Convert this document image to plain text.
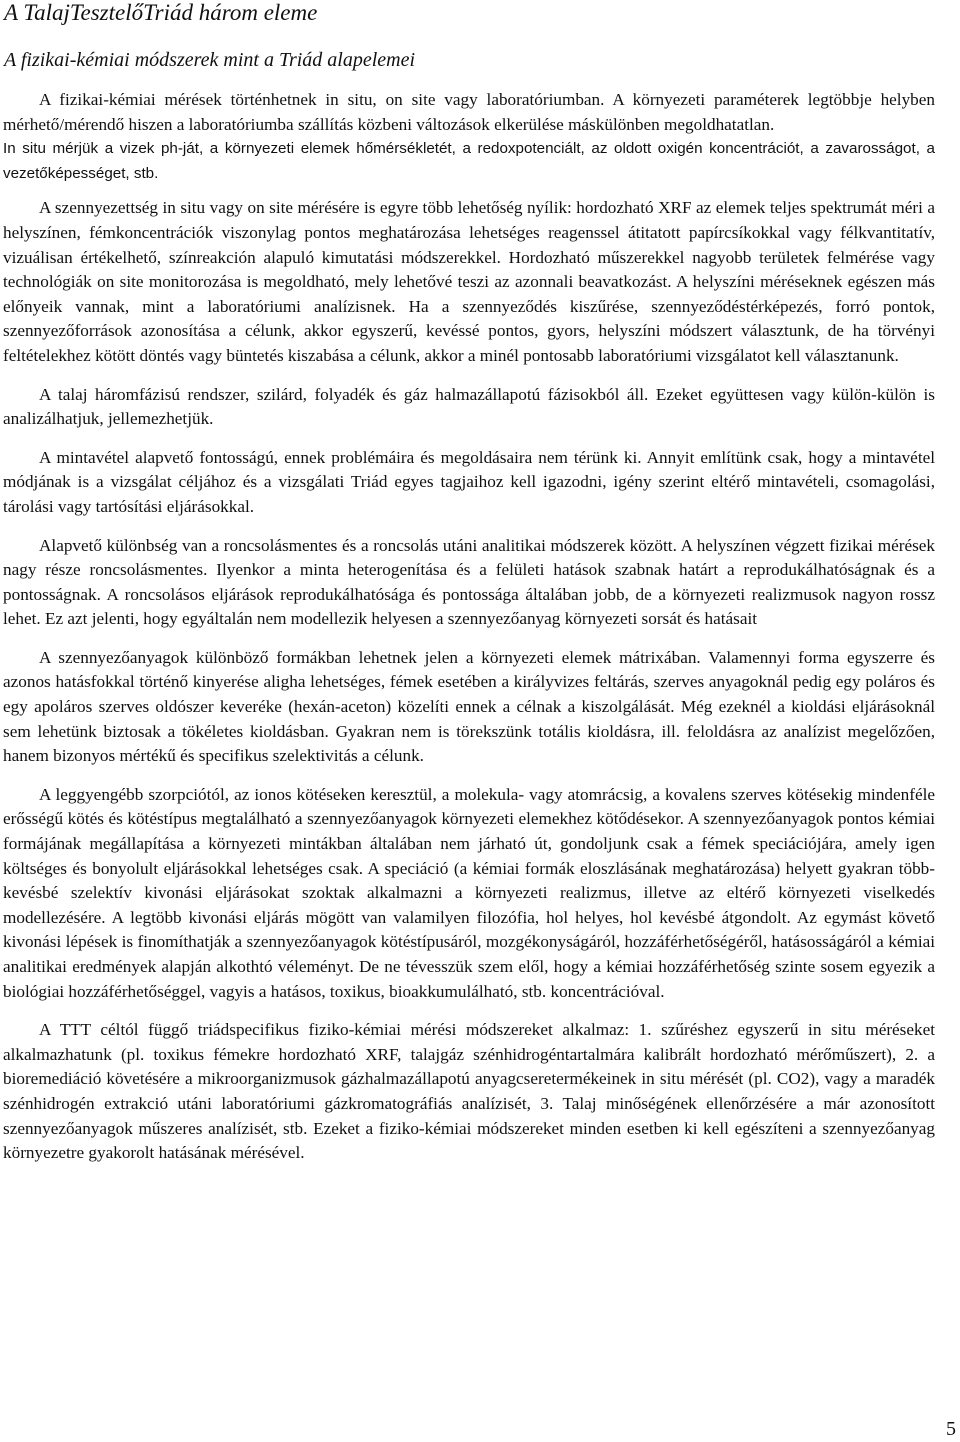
A TalajTesztelőTriád három eleme
A fizikai-kémiai módszerek mint a Triád alapelemei

A fizikai-kémiai mérések történhetnek in situ, on site vagy laboratóriumban. A környezeti paraméterek legtöbbje helyben mérhető/mérendő hiszen a laboratóriumba szállítás közbeni változások elkerülése máskülönben megoldhatatlan.

In situ mérjük a vizek ph-ját, a környezeti elemek hőmérsékletét, a redoxpotenciált, az oldott oxigén koncentrációt, a zavarosságot, a vezetőképességet, stb.

A szennyezettség in situ vagy on site mérésére is egyre több lehetőség nyílik: hordozható XRF az elemek teljes spektrumát méri a helyszínen, fémkoncentrációk viszonylag pontos meghatározása lehetséges reagenssel átitatott papírcsíkokkal vagy félkvantitatív, vizuálisan értékelhető, színreakción alapuló kimutatási módszerekkel. Hordozható műszerekkel nagyobb területek felmérése vagy technológiák on site monitorozása is megoldható, mely lehetővé teszi az azonnali beavatkozást. A helyszíni méréseknek egészen más előnyeik vannak, mint a laboratóriumi analízisnek. Ha a szennyeződés kiszűrése, szennyeződéstérképezés, forró pontok, szennyezőforrások azonosítása a célunk, akkor egyszerű, kevéssé pontos, gyors, helyszíni módszert választunk, de ha törvényi feltételekhez kötött döntés vagy büntetés kiszabása a célunk, akkor a minél pontosabb laboratóriumi vizsgálatot kell választanunk.

A talaj háromfázisú rendszer, szilárd, folyadék és gáz halmazállapotú fázisokból áll. Ezeket együttesen vagy külön-külön is analizálhatjuk, jellemezhetjük.

A mintavétel alapvető fontosságú, ennek problémáira és megoldásaira nem térünk ki. Annyit említünk csak, hogy a mintavétel módjának is a vizsgálat céljához és a vizsgálati Triád egyes tagjaihoz kell igazodni, igény szerint eltérő mintavételi, csomagolási, tárolási vagy tartósítási eljárásokkal.

Alapvető különbség van a roncsolásmentes és a roncsolás utáni analitikai módszerek között. A helyszínen végzett fizikai mérések nagy része roncsolásmentes. Ilyenkor a minta heterogenítása és a felületi hatások szabnak határt a reprodukálhatóságnak és a pontosságnak. A roncsolásos eljárások reprodukálhatósága és pontossága általában jobb, de a környezeti realizmusok nagyon rossz lehet. Ez azt jelenti, hogy egyáltalán nem modellezik helyesen a szennyezőanyag környezeti sorsát és hatásait

A szennyezőanyagok különböző formákban lehetnek jelen a környezeti elemek mátrixában. Valamennyi forma egyszerre és azonos hatásfokkal történő kinyerése aligha lehetséges, fémek esetében a királyvizes feltárás, szerves anyagoknál pedig egy poláros és egy apoláros szerves oldószer keveréke (hexán-aceton) közelíti ennek a célnak a kiszolgálását. Még ezeknél a kioldási eljárásoknál sem lehetünk biztosak a tökéletes kioldásban. Gyakran nem is törekszünk totális kioldásra, ill. feloldásra az analízist megelőzően, hanem bizonyos mértékű és specifikus szelektivitás a célunk.

A leggyengébb szorpciótól, az ionos kötéseken keresztül, a molekula- vagy atomrácsig, a kovalens szerves kötésekig mindenféle erősségű kötés és kötéstípus megtalálható a szennyezőanyagok környezeti elemekhez kötődésekor. A szennyezőanyagok pontos kémiai formájának megállapítása a környezeti mintákban általában nem járható út, gondoljunk csak a fémek speciációjára, amely igen költséges és bonyolult eljárásokkal lehetséges csak. A speciáció (a kémiai formák eloszlásának meghatározása) helyett gyakran több-kevésbé szelektív kivonási eljárásokat szoktak alkalmazni a környezeti realizmus, illetve az eltérő környezeti viselkedés modellezésére. A legtöbb kivonási eljárás mögött van valamilyen filozófia, hol helyes, hol kevésbé átgondolt. Az egymást követő kivonási lépések is finomíthatják a szennyezőanyagok kötéstípusáról, mozgékonyságáról, hozzáférhetőségéről, hatásosságáról a kémiai analitikai eredmények alapján alkothtó véleményt. De ne tévesszük szem elől, hogy a kémiai hozzáférhetőség szinte sosem egyezik a biológiai hozzáférhetőséggel, vagyis a hatásos, toxikus, bioakkumulálható, stb. koncentrációval.

A TTT céltól függő triádspecifikus fiziko-kémiai mérési módszereket alkalmaz: 1. szűréshez egyszerű in situ méréseket alkalmazhatunk (pl. toxikus fémekre hordozható XRF, talajgáz szénhidrogéntartalmára kalibrált hordozható mérőműszert), 2. a bioremediáció követésére a mikroorganizmusok gázhalmazállapotú anyagcseretermékeinek in situ mérését (pl. CO2), vagy a maradék szénhidrogén extrakció utáni laboratóriumi gázkromatográfiás analízisét, 3. Talaj minőségének ellenőrzésére a már azonosított szennyezőanyagok műszeres analízisét, stb. Ezeket a fiziko-kémiai módszereket minden esetben ki kell egészíteni a szennyezőanyag környezetre gyakorolt hatásának mérésével.

5
